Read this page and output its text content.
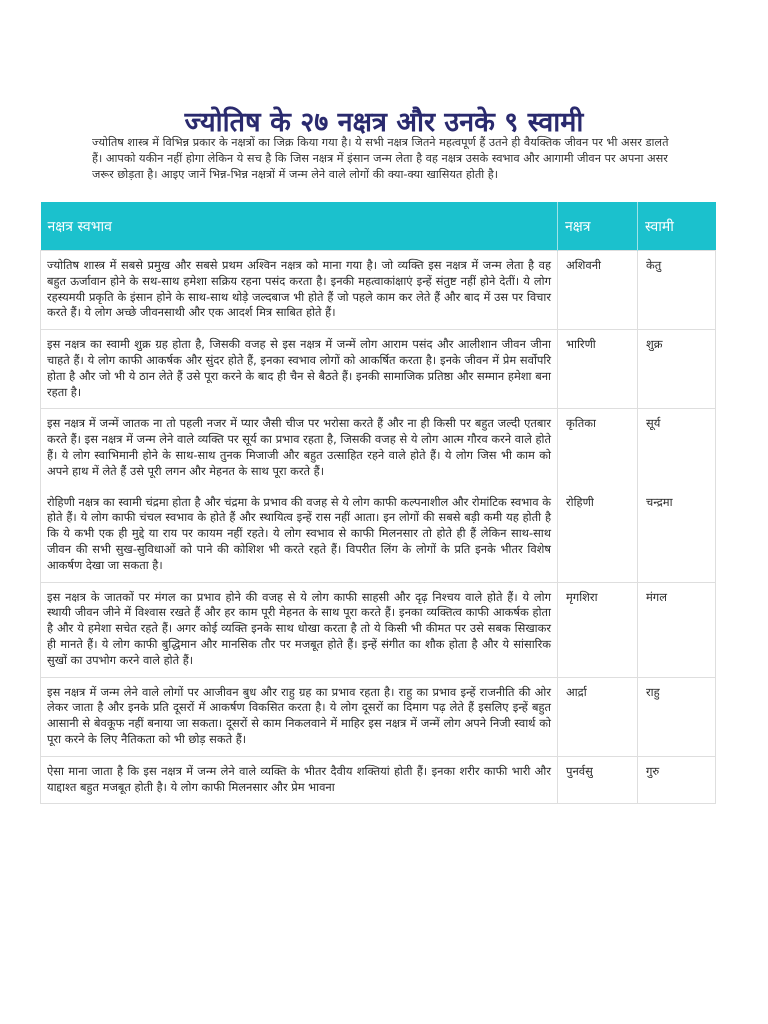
ज्योतिष के २७ नक्षत्र और उनके ९ स्वामी

ज्योतिष शास्त्र में विभिन्न प्रकार के नक्षत्रों का जिक्र किया गया है। ये सभी नक्षत्र जितने महत्वपूर्ण हैं उतने ही वैयक्तिक जीवन पर भी असर डालते हैं। आपको यकीन नहीं होगा लेकिन ये सच है कि जिस नक्षत्र में इंसान जन्म लेता है वह नक्षत्र उसके स्वभाव और आगामी जीवन पर अपना असर जरूर छोड़ता है। आइए जानें भिन्न-भिन्न नक्षत्रों में जन्म लेने वाले लोगों की क्या-क्या खासियत होती है।

नक्षत्र स्वभाव	नक्षत्र	स्वामी
ज्योतिष शास्त्र में सबसे प्रमुख और सबसे प्रथम अश्विन नक्षत्र को माना गया है। जो व्यक्ति इस नक्षत्र में जन्म लेता है वह बहुत ऊर्जावान होने के सथ-साथ हमेशा सक्रिय रहना पसंद करता है। इनकी महत्वाकांक्षाएं इन्हें संतुष्ट नहीं होने देतीं। ये लोग रहस्यमयी प्रकृति के इंसान होने के साथ-साथ थोड़े जल्दबाज भी होते हैं जो पहले काम कर लेते हैं और बाद में उस पर विचार करते हैं। ये लोग अच्छे जीवनसाथी और एक आदर्श मित्र साबित होते हैं।	अशिवनी	केतु
इस नक्षत्र का स्वामी शुक्र ग्रह होता है, जिसकी वजह से इस नक्षत्र में जन्में लोग आराम पसंद और आलीशान जीवन जीना चाहते हैं। ये लोग काफी आकर्षक और सुंदर होते हैं, इनका स्वभाव लोगों को आकर्षित करता है। इनके जीवन में प्रेम सर्वोपरि होता है और जो भी ये ठान लेते हैं उसे पूरा करने के बाद ही चैन से बैठते हैं। इनकी सामाजिक प्रतिष्ठा और सम्मान हमेशा बना रहता है।	भारिणी	शुक्र
इस नक्षत्र में जन्में जातक ना तो पहली नजर में प्यार जैसी चीज पर भरोसा करते हैं और ना ही किसी पर बहुत जल्दी एतबार करते हैं। इस नक्षत्र में जन्म लेने वाले व्यक्ति पर सूर्य का प्रभाव रहता है, जिसकी वजह से ये लोग आत्म गौरव करने वाले होते हैं। ये लोग स्वाभिमानी होने के साथ-साथ तुनक मिजाजी और बहुत उत्साहित रहने वाले होते हैं। ये लोग जिस भी काम को अपने हाथ में लेते हैं उसे पूरी लगन और मेहनत के साथ पूरा करते हैं।	कृतिका	सूर्य
रोहिणी नक्षत्र का स्वामी चंद्रमा होता है और चंद्रमा के प्रभाव की वजह से ये लोग काफी कल्पनाशील और रोमांटिक स्वभाव के होते हैं। ये लोग काफी चंचल स्वभाव के होते हैं और स्थायित्व इन्हें रास नहीं आता। इन लोगों की सबसे बड़ी कमी यह होती है कि ये कभी एक ही मुद्दे या राय पर कायम नहीं रहते। ये लोग स्वभाव से काफी मिलनसार तो होते ही हैं लेकिन साथ-साथ जीवन की सभी सुख-सुविधाओं को पाने की कोशिश भी करते रहते हैं। विपरीत लिंग के लोगों के प्रति इनके भीतर विशेष आकर्षण देखा जा सकता है।	रोहिणी	चन्द्रमा
इस नक्षत्र के जातकों पर मंगल का प्रभाव होने की वजह से ये लोग काफी साहसी और दृढ़ निश्चय वाले होते हैं। ये लोग स्थायी जीवन जीने में विश्वास रखते हैं और हर काम पूरी मेहनत के साथ पूरा करते हैं। इनका व्यक्तित्व काफी आकर्षक होता है और ये हमेशा सचेत रहते हैं। अगर कोई व्यक्ति इनके साथ धोखा करता है तो ये किसी भी कीमत पर उसे सबक सिखाकर ही मानते हैं। ये लोग काफी बुद्धिमान और मानसिक तौर पर मजबूत होते हैं। इन्हें संगीत का शौक होता है और ये सांसारिक सुखों का उपभोग करने वाले होते हैं।	मृगशिरा	मंगल
इस नक्षत्र में जन्म लेने वाले लोगों पर आजीवन बुध और राहु ग्रह का प्रभाव रहता है। राहु का प्रभाव इन्हें राजनीति की ओर लेकर जाता है और इनके प्रति दूसरों में आकर्षण विकसित करता है। ये लोग दूसरों का दिमाग पढ़ लेते हैं इसलिए इन्हें बहुत आसानी से बेवकूफ नहीं बनाया जा सकता। दूसरों से काम निकलवाने में माहिर इस नक्षत्र में जन्में लोग अपने निजी स्वार्थ को पूरा करने के लिए नैतिकता को भी छोड़ सकते हैं।	आर्द्रा	राहु
ऐसा माना जाता है कि इस नक्षत्र में जन्म लेने वाले व्यक्ति के भीतर दैवीय शक्तियां होती हैं। इनका शरीर काफी भारी और याद्दाश्त बहुत मजबूत होती है। ये लोग काफी मिलनसार और प्रेम भावना	पुनर्वसु	गुरु
